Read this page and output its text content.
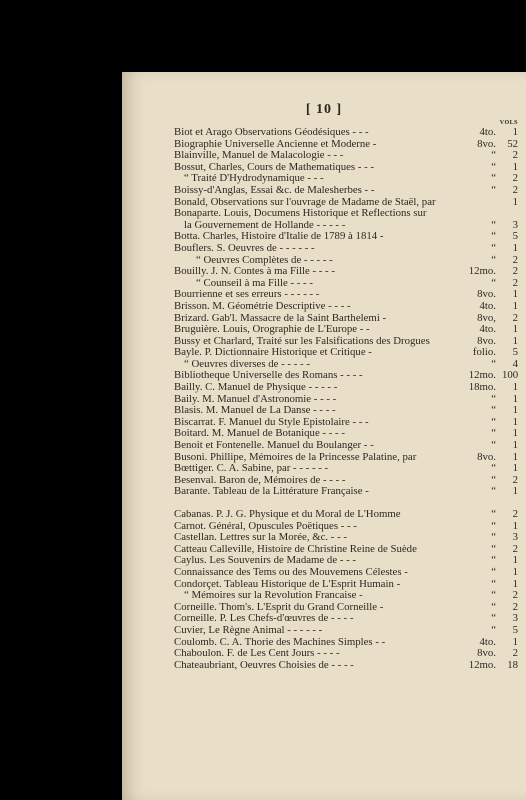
[ 10 ]
VOLS
Biot et Arago Observations Géodésiques - - -	4to.	1
Biographie Universelle Ancienne et Moderne -	8vo.	52
Blainville, Manuel de Malacologie - - -	“	2
Bossut, Charles, Cours de Mathematiques - - -	“	1
“ Traité D'Hydrodynamique - - -	“	2
Boissy-d'Anglas, Essai &c. de Malesherbes - -	“	2
Bonald, Observations sur l'ouvrage de Madame de Staël, par	1
Bonaparte. Louis, Documens Historique et Reflections sur
la Gouvernement de Hollande - - - - -	“	3
Botta. Charles, Histoire d'Italie de 1789 à 1814 -	“	5
Bouflers. S. Oeuvres de - - - - - -	“	1
“ Oeuvres Complètes de - - - - -	“	2
Bouilly. J. N. Contes à ma Fille - - - -	12mo.	2
“ Counseil à ma Fille - - - -	“	2
Bourrienne et ses erreurs - - - - - -	8vo.	1
Brisson. M. Géométrie Descriptive - - - -	4to.	1
Brizard. Gab'l. Massacre de la Saint Barthelemi -	8vo,	2
Bruguière. Louis, Orographie de L'Europe - -	4to.	1
Bussy et Charlard, Traité sur les Falsifications des Drogues	8vo.	1
Bayle. P. Dictionnaire Historique et Critique -	folio.	5
“ Oeuvres diverses de - - - - -	“	4
Bibliotheque Universelle des Romans - - - -	12mo. 100
Bailly. C. Manuel de Physique - - - - -	18mo.	1
Baily. M. Manuel d'Astronomie - - - -	“	1
Blasis. M. Manuel de La Danse - - - -	“	1
Biscarrat. F. Manuel du Style Epistolaire - - -	“	1
Boitard. M. Manuel de Botanique - - - -	“	1
Benoit et Fontenelle. Manuel du Boulanger - -	“	1
Busoni. Phillipe, Mémoires de la Princesse Palatine, par	8vo.	1
Bœttiger. C. A. Sabine, par - - - - - -	“	1
Besenval. Baron de, Mémoires de - - - -	“	2
Barante. Tableau de la Littérature Française -	“	1
Cabanas. P. J. G. Physique et du Moral de L'Homme	“	2
Carnot. Général, Opuscules Poëtiques - - -	“	1
Castellan. Lettres sur la Morée, &c. - - -	“	3
Catteau Calleville, Histoire de Christine Reine de Suède	“	2
Caylus. Les Souvenirs de Madame de - - -	“	1
Connaissance des Tems ou des Mouvemens Célestes -	“	1
Condorçet. Tableau Historique de L'Esprit Humain -	“	1
“ Mémoires sur la Revolution Francaise -	“	2
Corneille. Thom's. L'Esprit du Grand Corneille -	“	2
Corneille. P. Les Chefs-d'œuvres de - - - -	“	3
Cuvier, Le Règne Animal - - - - - -	“	5
Coulomb. C. A. Thorie des Machines Simples - -	4to.	1
Chaboulon. F. de Les Cent Jours - - - -	8vo.	2
Chateaubriant, Oeuvres Choisies de - - - -	12mo.	18
